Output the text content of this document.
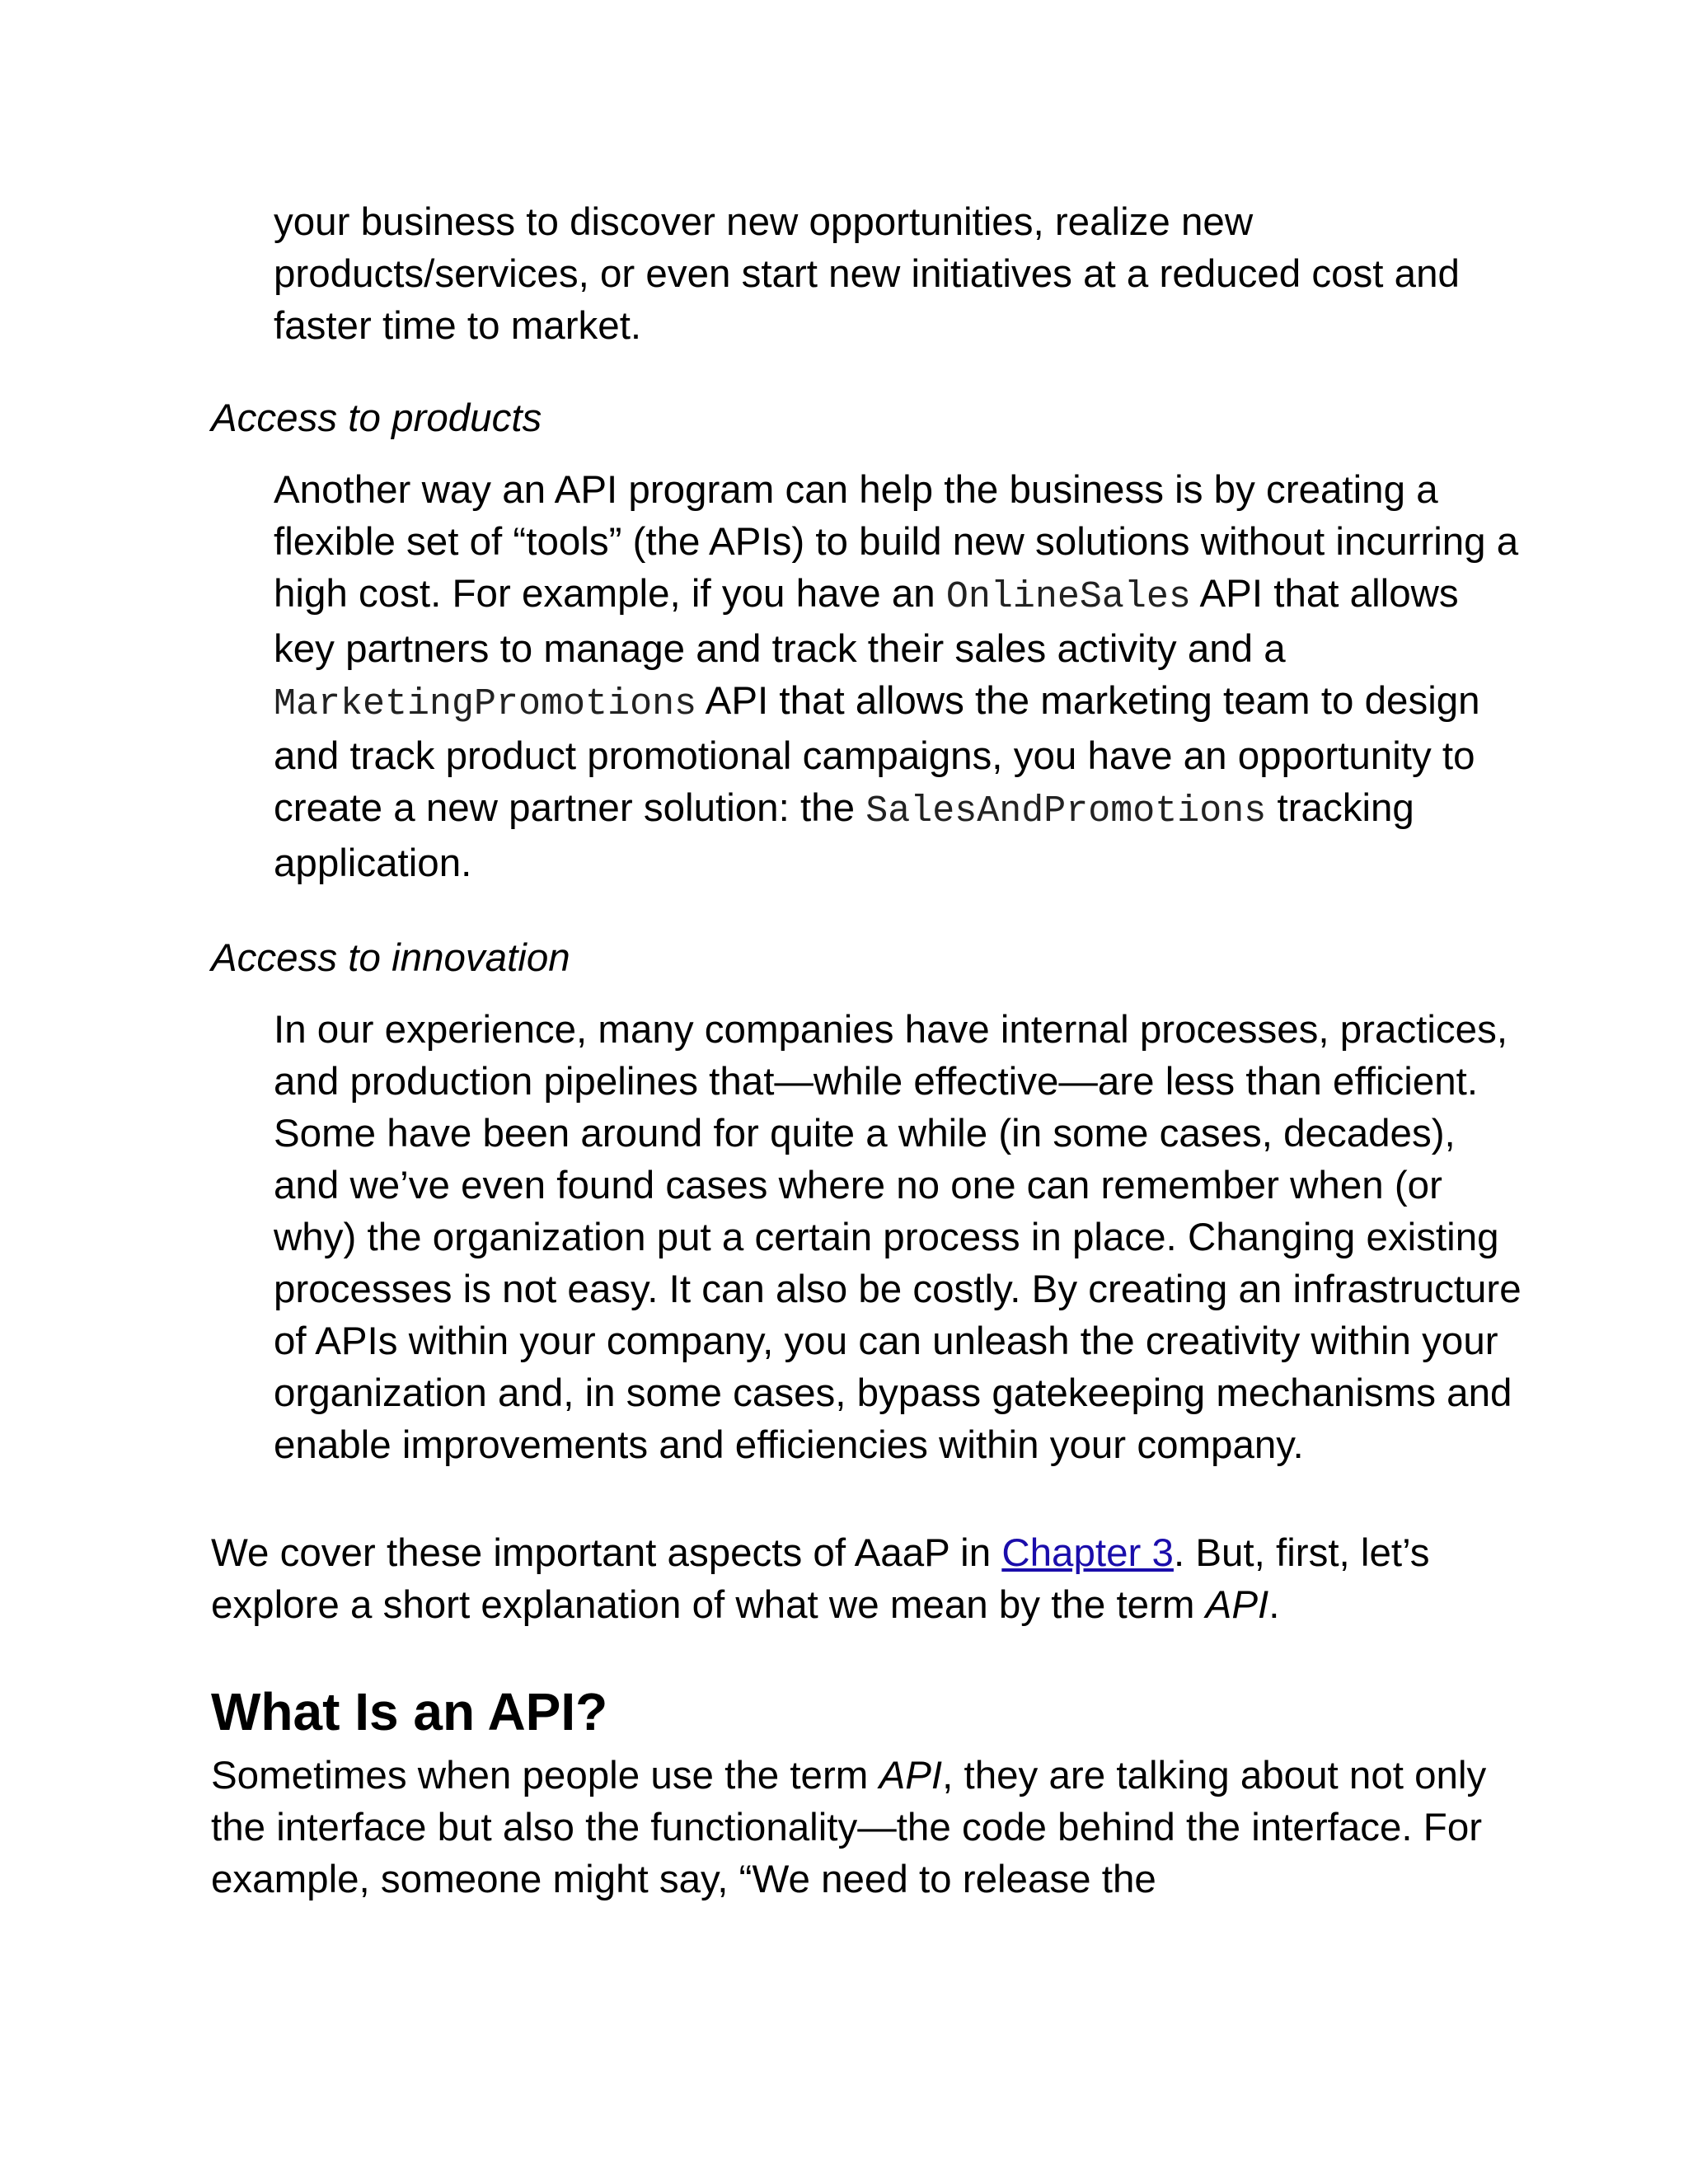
your business to discover new opportunities, realize new products/services, or even start new initiatives at a reduced cost and faster time to market.

Access to products

Another way an API program can help the business is by creating a flexible set of “tools” (the APIs) to build new solutions without incurring a high cost. For example, if you have an OnlineSales API that allows key partners to manage and track their sales activity and a MarketingPromotions API that allows the marketing team to design and track product promotional campaigns, you have an opportunity to create a new partner solution: the SalesAndPromotions tracking application.

Access to innovation

In our experience, many companies have internal processes, practices, and production pipelines that—while effective—are less than efficient. Some have been around for quite a while (in some cases, decades), and we’ve even found cases where no one can remember when (or why) the organization put a certain process in place. Changing existing processes is not easy. It can also be costly. By creating an infrastructure of APIs within your company, you can unleash the creativity within your organization and, in some cases, bypass gatekeeping mechanisms and enable improvements and efficiencies within your company.

We cover these important aspects of AaaP in Chapter 3. But, first, let’s explore a short explanation of what we mean by the term API.

What Is an API?

Sometimes when people use the term API, they are talking about not only the interface but also the functionality—the code behind the interface. For example, someone might say, “We need to release the
